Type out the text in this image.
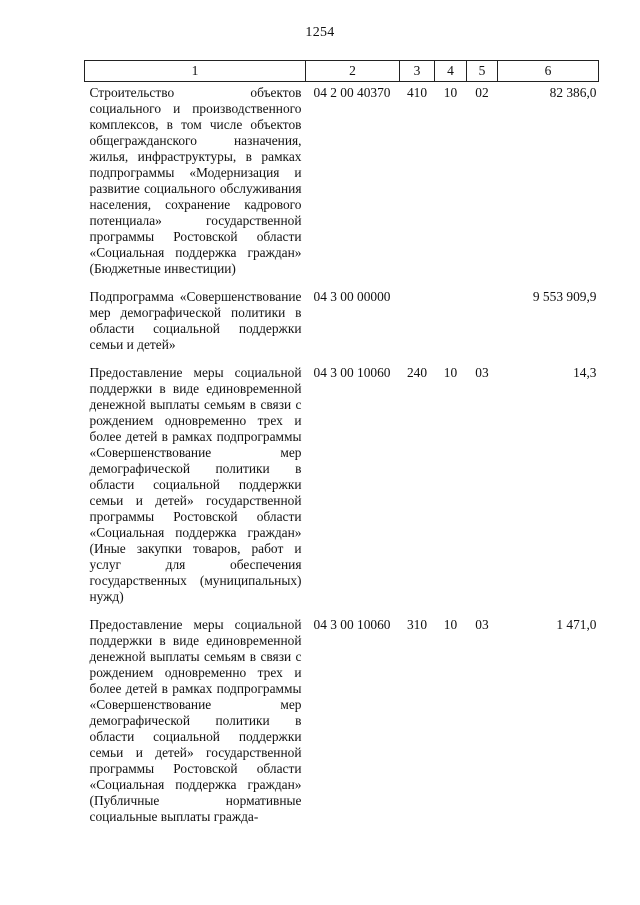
1254
1	2	3	4	5	6
Строительство объектов социального и производственного комплексов, в том числе объектов общегражданского назначения, жилья, инфраструктуры, в рамках подпрограммы «Модернизация и развитие социального обслуживания населения, сохранение кадрового потенциала» государственной программы Ростовской области «Социальная поддержка граждан» (Бюджетные инвестиции)	04 2 00 40370	410	10	02	82 386,0
Подпрограмма «Совершенствование мер демографической политики в области социальной поддержки семьи и детей»	04 3 00 00000				9 553 909,9
Предоставление меры социальной поддержки в виде единовременной денежной выплаты семьям в связи с рождением одновременно трех и более детей в рамках подпрограммы «Совершенствование мер демографической политики в области социальной поддержки семьи и детей» государственной программы Ростовской области «Социальная поддержка граждан» (Иные закупки товаров, работ и услуг для обеспечения государственных (муниципальных) нужд)	04 3 00 10060	240	10	03	14,3
Предоставление меры социальной поддержки в виде единовременной денежной выплаты семьям в связи с рождением одновременно трех и более детей в рамках подпрограммы «Совершенствование мер демографической политики в области социальной поддержки семьи и детей» государственной программы Ростовской области «Социальная поддержка граждан» (Публичные нормативные социальные выплаты гражда-	04 3 00 10060	310	10	03	1 471,0
